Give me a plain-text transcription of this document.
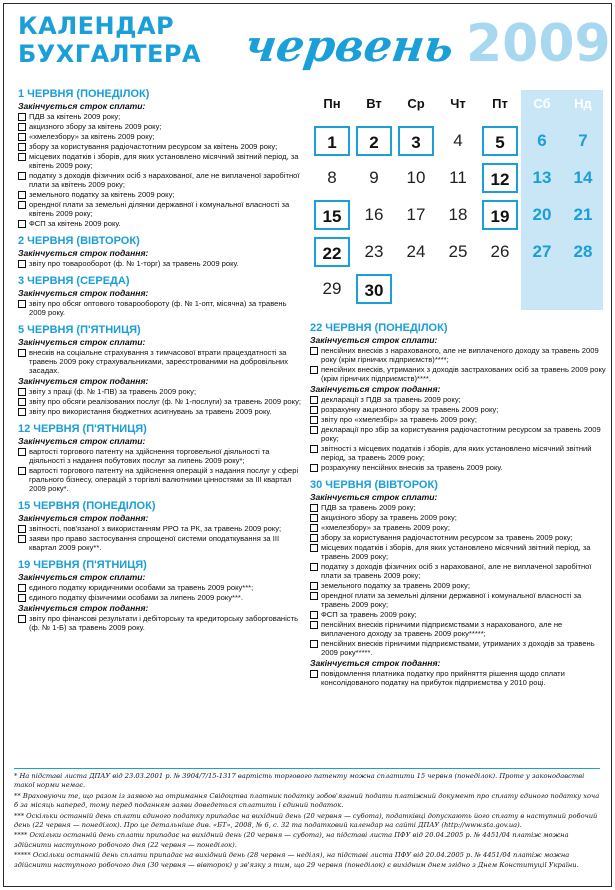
КАЛЕНДАР
БУХГАЛТЕРА червень 2009
Пн	Вт	Ср	Чт	Пт	Сб	Нд
1	2	3	4	5	6	7
8	9	10	11	12	13	14
15	16	17	18	19	20	21
22	23	24	25	26	27	28
29	30
1 ЧЕРВНЯ (ПОНЕДІЛОК)
Закінчується строк сплати:
ПДВ за квітень 2009 року;
акцизного збору за квітень 2009 року;
«хмелезбору» за квітень 2009 року;
збору за користування радіочастотним ресурсом за квітень 2009 року;
місцевих податків і зборів, для яких установлено місячний звітний період, за квітень 2009 року;
податку з доходів фізичних осіб з нарахованої, але не виплаченої заробітної плати за квітень 2009 року;
земельного податку за квітень 2009 року;
орендної плати за земельні ділянки державної і комунальної власності за квітень 2009 року;
ФСП за квітень 2009 року.
2 ЧЕРВНЯ (ВІВТОРОК)
Закінчується строк подання:
звіту про товарооборот (ф. № 1-торг) за травень 2009 року.
3 ЧЕРВНЯ (СЕРЕДА)
Закінчується строк подання:
звіту про обсяг оптового товарообороту (ф. № 1-опт, місячна) за травень 2009 року.
5 ЧЕРВНЯ (П'ЯТНИЦЯ)
Закінчується строк сплати:
внесків на соціальне страхування з тимчасової втрати працездатності за травень 2009 року страхувальниками, зареєстрованими на добровільних засадах.
Закінчується строк подання:
звіту з праці (ф. № 1-ПВ) за травень 2009 року;
звіту про обсяги реалізованих послуг (ф. № 1-послуги) за травень 2009 року;
звіту про використання бюджетних асигнувань за травень 2009 року.
12 ЧЕРВНЯ (П'ЯТНИЦЯ)
Закінчується строк сплати:
вартості торгового патенту на здійснення торговельної діяльності та діяльності з надання побутових послуг за липень 2009 року*;
вартості торгового патенту на здійснення операцій з надання послуг у сфері грального бізнесу, операцій з торгівлі валютними цінностями за ІІІ квартал 2009 року*.
15 ЧЕРВНЯ (ПОНЕДІЛОК)
Закінчується строк подання:
звітності, пов'язаної з використанням РРО та РК, за травень 2009 року;
заяви про право застосування спрощеної системи оподаткування за ІІІ квартал 2009 року**.
19 ЧЕРВНЯ (П'ЯТНИЦЯ)
Закінчується строк сплати:
єдиного податку юридичними особами за травень 2009 року***;
єдиного податку фізичними особами за липень 2009 року***.
Закінчується строк подання:
звіту про фінансові результати і дебіторську та кредиторську заборгованість (ф. № 1-Б) за травень 2009 року.
22 ЧЕРВНЯ (ПОНЕДІЛОК)
Закінчується строк сплати:
пенсійних внесків з нарахованого, але не виплаченого доходу за травень 2009 року (крім гірничих підприємств)****;
пенсійних внесків, утриманих з доходів застрахованих осіб за травень 2009 року (крім гірничих підприємств)****.
Закінчується строк подання:
декларації з ПДВ за травень 2009 року;
розрахунку акцизного збору за травень 2009 року;
звіту про «хмелезбір» за травень 2009 року;
декларації про збір за користування радіочастотним ресурсом за травень 2009 року;
звітності з місцевих податків і зборів, для яких установлено місячний звітний період, за травень 2009 року;
розрахунку пенсійних внесків за травень 2009 року.
30 ЧЕРВНЯ (ВІВТОРОК)
Закінчується строк сплати:
ПДВ за травень 2009 року;
акцизного збору за травень 2009 року;
«хмелезбору» за травень 2009 року;
збору за користування радіочастотним ресурсом за травень 2009 року;
місцевих податків і зборів, для яких установлено місячний звітний період, за травень 2009 року;
податку з доходів фізичних осіб з нарахованої, але не виплаченої заробітної плати за травень 2009 року;
земельного податку за травень 2009 року;
орендної плати за земельні ділянки державної і комунальної власності за травень 2009 року;
ФСП за травень 2009 року;
пенсійних внесків гірничими підприємствами з нарахованого, але не виплаченого доходу за травень 2009 року*****;
пенсійних внесків гірничими підприємствами, утриманих з доходів за травень 2009 року*****.
Закінчується строк подання:
повідомлення платника податку про прийняття рішення щодо сплати консолідованого податку на прибуток підприємства у 2010 році.

* На підставі листа ДПАУ від 23.03.2001 р. № 3904/7/15-1317 вартість торгового патенту можна сплатити 15 червня (понеділок). Проте у законодавстві такої норми немає.

** Враховуючи те, що разом із заявою на отримання Свідоцтва платник податку зобов'язаний подати платіжний документ про сплату єдиного податку хоча б за місяць наперед, тому перед поданням заяви доведеться сплатити і єдиний податок.

*** Оскільки останній день сплати єдиного податку припадає на вихідний день (20 червня — субота), податківці допускають його сплату в наступний робочий день (22 червня — понеділок). Про це детальніше див. «БТ», 2008, № 6, с. 32 та податковий календар на сайті ДПАУ (http://www.sta.gov.ua).

**** Оскільки останній день сплати припадає на вихідний день (20 червня — субота), на підставі листа ПФУ від 20.04.2005 р. № 4451/04 платіж можна здійснити наступного робочого дня (22 червня — понеділок).

***** Оскільки останній день сплати припадає на вихідний день (28 червня — неділя), на підставі листа ПФУ від 20.04.2005 р. № 4451/04 платіж можна здійснити наступного робочого дня (30 червня — вівторок) у зв'язку з тим, що 29 червня (понеділок) є вихідним днем згідно з Днем Конституції України.
